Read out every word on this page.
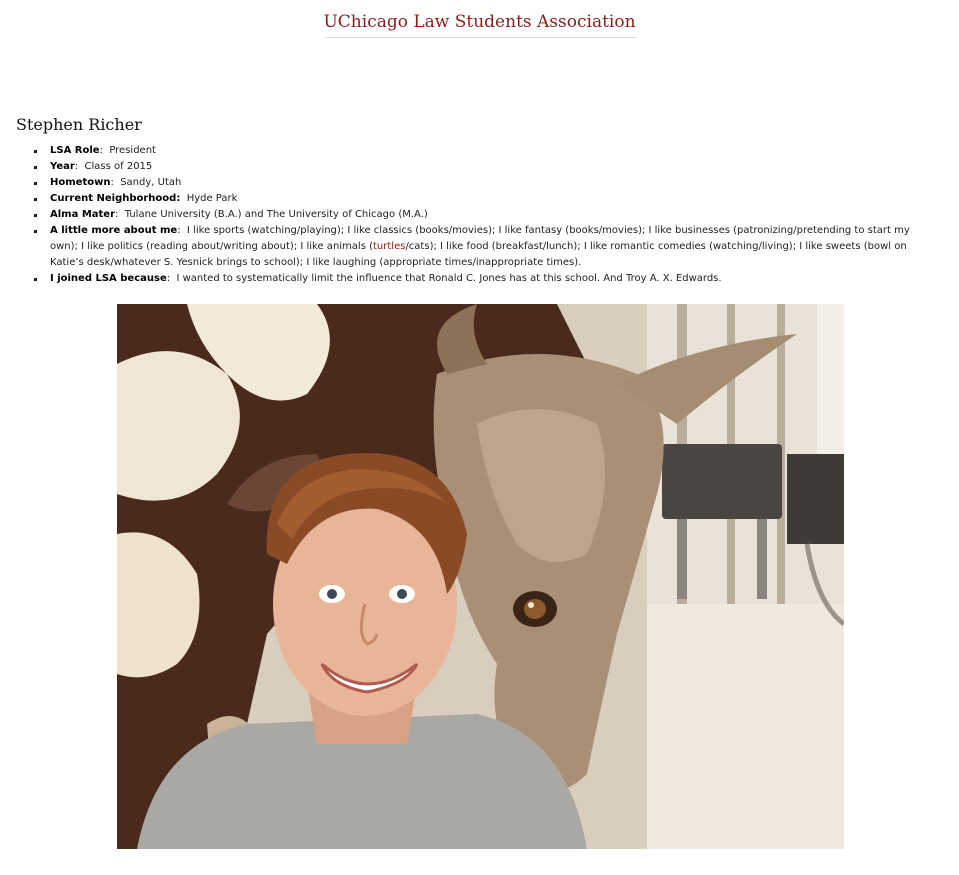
UChicago Law Students Association
Stephen Richer
LSA Role:  President
Year:  Class of 2015
Hometown:  Sandy, Utah
Current Neighborhood: Hyde Park
Alma Mater:  Tulane University (B.A.) and The University of Chicago (M.A.)
A little more about me:  I like sports (watching/playing); I like classics (books/movies); I like fantasy (books/movies); I like businesses (patronizing/pretending to start my own); I like politics (reading about/writing about); I like animals (turtles/cats); I like food (breakfast/lunch); I like romantic comedies (watching/living); I like sweets (bowl on Katie’s desk/whatever S. Yesnick brings to school); I like laughing (appropriate times/inappropriate times).
I joined LSA because:  I wanted to systematically limit the influence that Ronald C. Jones has at this school. And Troy A. X. Edwards.
